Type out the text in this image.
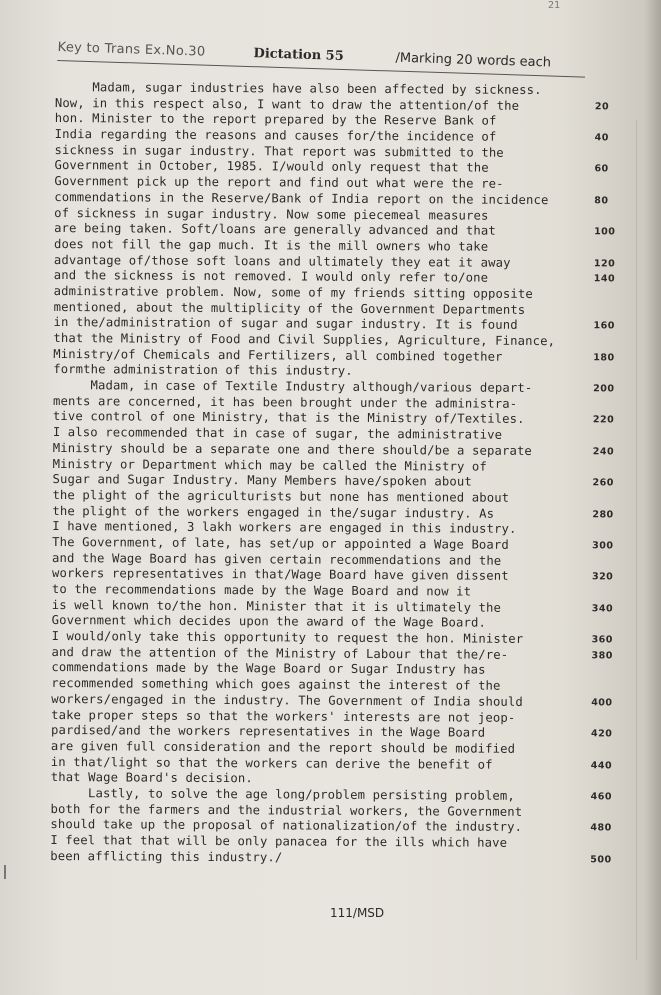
21
Key to Trans Ex.No.30	Dictation 55	/Marking 20 words each
Madam, sugar industries have also been affected by sickness.
Now, in this respect also, I want to draw the attention/of the	20
hon. Minister to the report prepared by the Reserve Bank of
India regarding the reasons and causes for/the incidence of	40
sickness in sugar industry. That report was submitted to the
Government in October, 1985. I/would only request that the	60
Government pick up the report and find out what were the re-
commendations in the Reserve/Bank of India report on the incidence	80
of sickness in sugar industry. Now some piecemeal measures
are being taken. Soft/loans are generally advanced and that	100
does not fill the gap much. It is the mill owners who take
advantage of/those soft loans and ultimately they eat it away	120
and the sickness is not removed. I would only refer to/one	140
administrative problem. Now, some of my friends sitting opposite
mentioned, about the multiplicity of the Government Departments
in the/administration of sugar and sugar industry. It is found	160
that the Ministry of Food and Civil Supplies, Agriculture, Finance,
Ministry/of Chemicals and Fertilizers, all combined together	180
formthe administration of this industry.
Madam, in case of Textile Industry although/various depart-	200
ments are concerned, it has been brought under the administra-
tive control of one Ministry, that is the Ministry of/Textiles.	220
I also recommended that in case of sugar, the administrative
Ministry should be a separate one and there should/be a separate	240
Ministry or Department which may be called the Ministry of
Sugar and Sugar Industry. Many Members have/spoken about	260
the plight of the agriculturists but none has mentioned about
the plight of the workers engaged in the/sugar industry. As	280
I have mentioned, 3 lakh workers are engaged in this industry.
The Government, of late, has set/up or appointed a Wage Board	300
and the Wage Board has given certain recommendations and the
workers representatives in that/Wage Board have given dissent	320
to the recommendations made by the Wage Board and now it
is well known to/the hon. Minister that it is ultimately the	340
Government which decides upon the award of the Wage Board.
I would/only take this opportunity to request the hon. Minister	360
and draw the attention of the Ministry of Labour that the/re-	380
commendations made by the Wage Board or Sugar Industry has
recommended something which goes against the interest of the
workers/engaged in the industry. The Government of India should	400
take proper steps so that the workers' interests are not jeop-
pardised/and the workers representatives in the Wage Board	420
are given full consideration and the report should be modified
in that/light so that the workers can derive the benefit of	440
that Wage Board's decision.
Lastly, to solve the age long/problem persisting problem,	460
both for the farmers and the industrial workers, the Government
should take up the proposal of nationalization/of the industry.	480
I feel that that will be only panacea for the ills which have
been afflicting this industry./	500
111/MSD
